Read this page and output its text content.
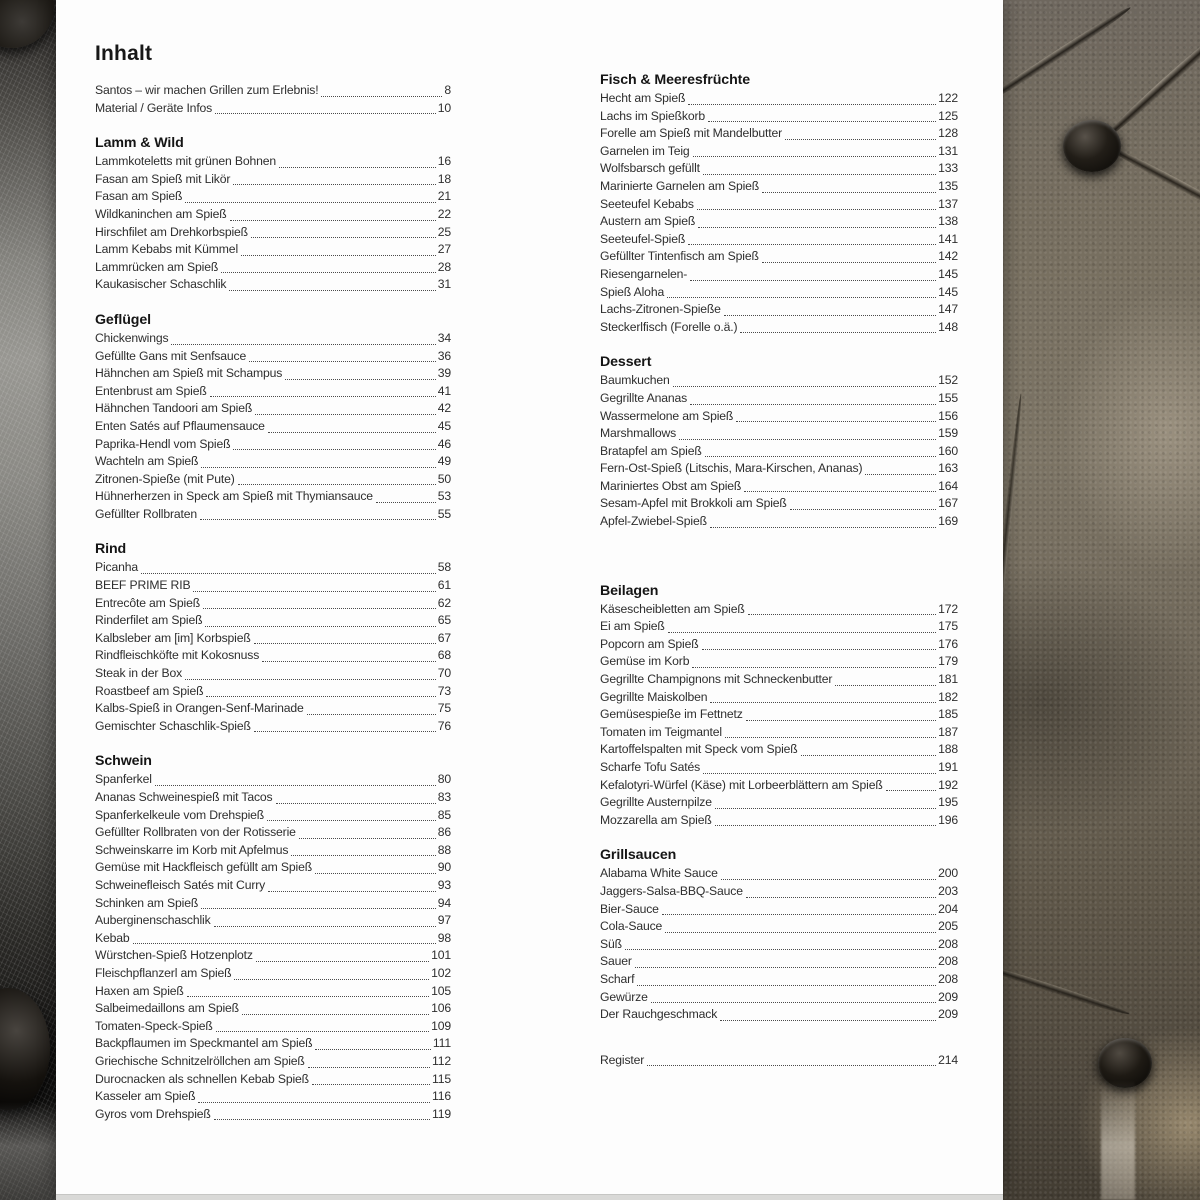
Inhalt
Santos – wir machen Grillen zum Erlebnis!	8
Material / Geräte Infos	10
Lamm & Wild
Lammkoteletts mit grünen Bohnen	16
Fasan am Spieß mit Likör	18
Fasan am Spieß	21
Wildkaninchen am Spieß	22
Hirschfilet am Drehkorbspieß	25
Lamm Kebabs mit Kümmel	27
Lammrücken am Spieß	28
Kaukasischer Schaschlik	31
Geflügel
Chickenwings	34
Gefüllte Gans mit Senfsauce	36
Hähnchen am Spieß mit Schampus	39
Entenbrust am Spieß	41
Hähnchen Tandoori am Spieß	42
Enten Satés auf Pflaumensauce	45
Paprika-Hendl vom Spieß	46
Wachteln am Spieß	49
Zitronen-Spieße (mit Pute)	50
Hühnerherzen in Speck am Spieß mit Thymiansauce	53
Gefüllter Rollbraten	55
Rind
Picanha	58
BEEF PRIME RIB	61
Entrecôte am Spieß	62
Rinderfilet am Spieß	65
Kalbsleber am [im] Korbspieß	67
Rindfleischköfte mit Kokosnuss	68
Steak in der Box	70
Roastbeef am Spieß	73
Kalbs-Spieß in Orangen-Senf-Marinade	75
Gemischter Schaschlik-Spieß	76
Schwein
Spanferkel	80
Ananas Schweinespieß mit Tacos	83
Spanferkelkeule vom Drehspieß	85
Gefüllter Rollbraten von der Rotisserie	86
Schweinskarre im Korb mit Apfelmus	88
Gemüse mit Hackfleisch gefüllt am Spieß	90
Schweinefleisch Satés mit Curry	93
Schinken am Spieß	94
Auberginenschaschlik	97
Kebab	98
Würstchen-Spieß Hotzenplotz	101
Fleischpflanzerl am Spieß	102
Haxen am Spieß	105
Salbeimedaillons am Spieß	106
Tomaten-Speck-Spieß	109
Backpflaumen im Speckmantel am Spieß	111
Griechische Schnitzelröllchen am Spieß	112
Durocnacken als schnellen Kebab Spieß	115
Kasseler am Spieß	116
Gyros vom Drehspieß	119
Fisch & Meeresfrüchte
Hecht am Spieß	122
Lachs im Spießkorb	125
Forelle am Spieß mit Mandelbutter	128
Garnelen im Teig	131
Wolfsbarsch gefüllt	133
Marinierte Garnelen am Spieß	135
Seeteufel Kebabs	137
Austern am Spieß	138
Seeteufel-Spieß	141
Gefüllter Tintenfisch am Spieß	142
Riesengarnelen-	145
Spieß Aloha	145
Lachs-Zitronen-Spieße	147
Steckerlfisch (Forelle o.ä.)	148
Dessert
Baumkuchen	152
Gegrillte Ananas	155
Wassermelone am Spieß	156
Marshmallows	159
Bratapfel am Spieß	160
Fern-Ost-Spieß (Litschis, Mara-Kirschen, Ananas)	163
Mariniertes Obst am Spieß	164
Sesam-Apfel mit Brokkoli am Spieß	167
Apfel-Zwiebel-Spieß	169
Beilagen
Käsescheibletten am Spieß	172
Ei am Spieß	175
Popcorn am Spieß	176
Gemüse im Korb	179
Gegrillte Champignons mit Schneckenbutter	181
Gegrillte Maiskolben	182
Gemüsespieße im Fettnetz	185
Tomaten im Teigmantel	187
Kartoffelspalten mit Speck vom Spieß	188
Scharfe Tofu Satés	191
Kefalotyri-Würfel (Käse) mit Lorbeerblättern am Spieß	192
Gegrillte Austernpilze	195
Mozzarella am Spieß	196
Grillsaucen
Alabama White Sauce	200
Jaggers-Salsa-BBQ-Sauce	203
Bier-Sauce	204
Cola-Sauce	205
Süß	208
Sauer	208
Scharf	208
Gewürze	209
Der Rauchgeschmack	209
Register	214
